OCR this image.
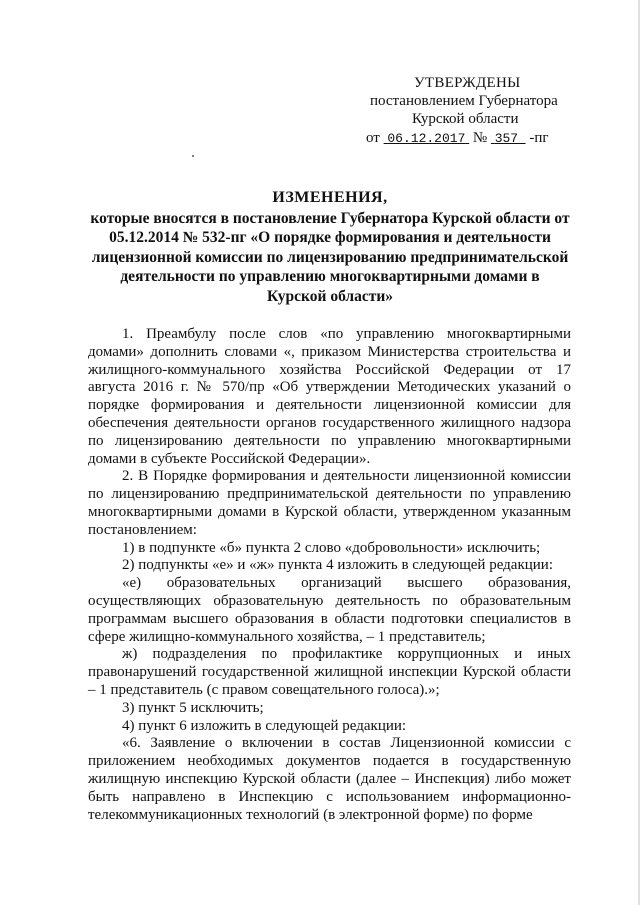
УТВЕРЖДЕНЫ
постановлением Губернатора
Курской области
от 06.12.2017 № 357 -пг
ИЗМЕНЕНИЯ,
которые вносятся в постановление Губернатора Курской области от 05.12.2014 № 532-пг «О порядке формирования и деятельности лицензионной комиссии по лицензированию предпринимательской деятельности по управлению многоквартирными домами в Курской области»

1. Преамбулу после слов «по управлению многоквартирными домами» дополнить словами «, приказом Министерства строительства и жилищного-коммунального хозяйства Российской Федерации от 17 августа 2016 г. № 570/пр «Об утверждении Методических указаний о порядке формирования и деятельности лицензионной комиссии для обеспечения деятельности органов государственного жилищного надзора по лицензированию деятельности по управлению многоквартирными домами в субъекте Российской Федерации».

2. В Порядке формирования и деятельности лицензионной комиссии по лицензированию предпринимательской деятельности по управлению многоквартирными домами в Курской области, утвержденном указанным постановлением:

1) в подпункте «б» пункта 2 слово «добровольности» исключить;

2) подпункты «е» и «ж» пункта 4 изложить в следующей редакции:

«е) образовательных организаций высшего образования, осуществляющих образовательную деятельность по образовательным программам высшего образования в области подготовки специалистов в сфере жилищно-коммунального хозяйства, – 1 представитель;

ж) подразделения по профилактике коррупционных и иных правонарушений государственной жилищной инспекции Курской области – 1 представитель (с правом совещательного голоса).»;

3) пункт 5 исключить;

4) пункт 6 изложить в следующей редакции:

«6. Заявление о включении в состав Лицензионной комиссии с приложением необходимых документов подается в государственную жилищную инспекцию Курской области (далее – Инспекция) либо может быть направлено в Инспекцию с использованием информационно-телекоммуникационных технологий (в электронной форме) по форме
